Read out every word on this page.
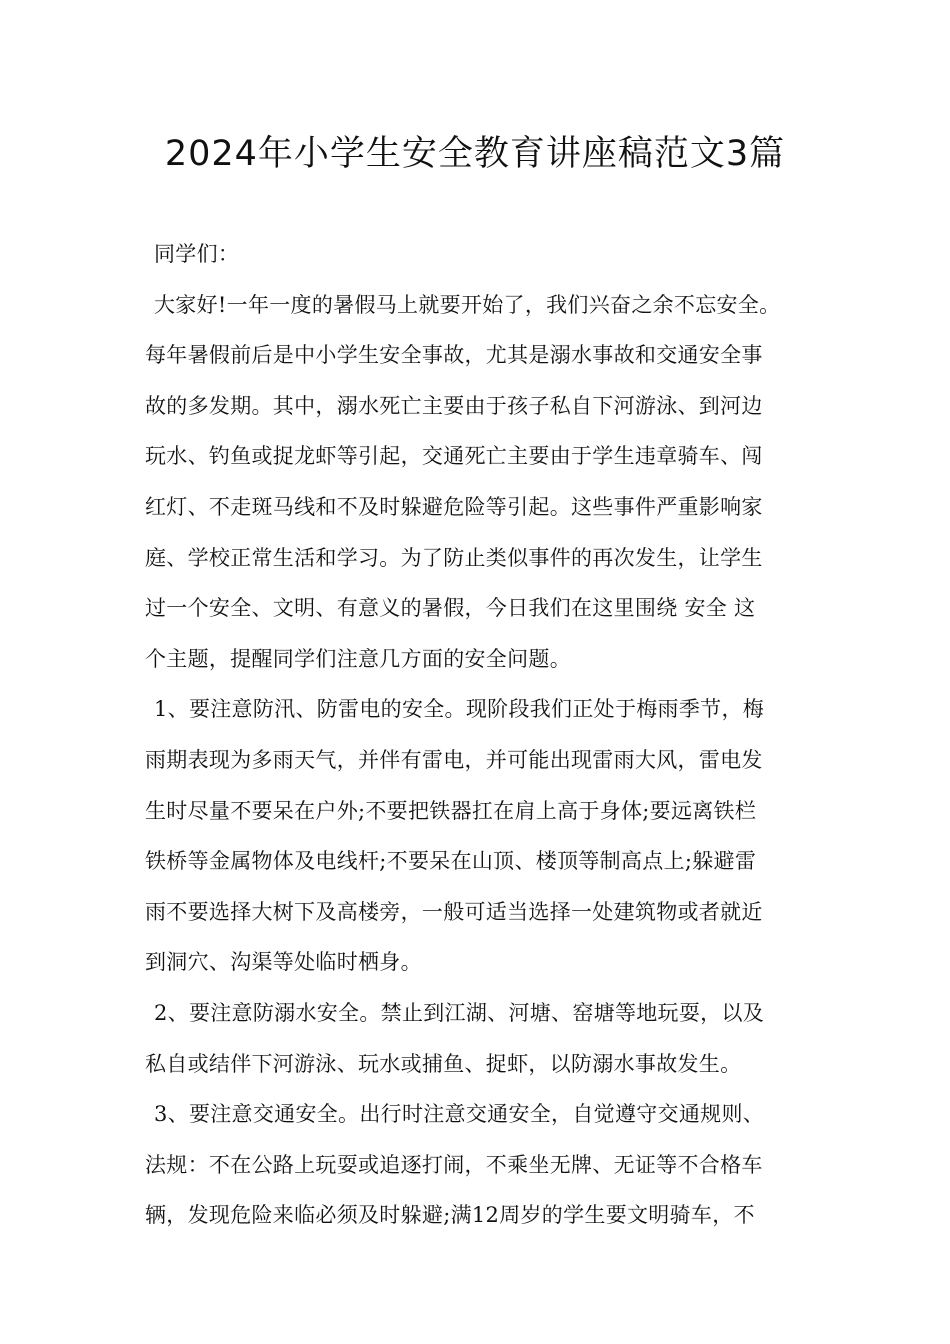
2024年小学生安全教育讲座稿范文3篇
同学们：
大家好!一年一度的暑假马上就要开始了，我们兴奋之余不忘安全。
每年暑假前后是中小学生安全事故，尤其是溺水事故和交通安全事
故的多发期。其中，溺水死亡主要由于孩子私自下河游泳、到河边
玩水、钓鱼或捉龙虾等引起，交通死亡主要由于学生违章骑车、闯
红灯、不走斑马线和不及时躲避危险等引起。这些事件严重影响家
庭、学校正常生活和学习。为了防止类似事件的再次发生，让学生
过一个安全、文明、有意义的暑假，今日我们在这里围绕 安全 这
个主题，提醒同学们注意几方面的安全问题。
1、要注意防汛、防雷电的安全。现阶段我们正处于梅雨季节，梅
雨期表现为多雨天气，并伴有雷电，并可能出现雷雨大风，雷电发
生时尽量不要呆在户外;不要把铁器扛在肩上高于身体;要远离铁栏
铁桥等金属物体及电线杆;不要呆在山顶、楼顶等制高点上;躲避雷
雨不要选择大树下及高楼旁，一般可适当选择一处建筑物或者就近
到洞穴、沟渠等处临时栖身。
2、要注意防溺水安全。禁止到江湖、河塘、窑塘等地玩耍，以及
私自或结伴下河游泳、玩水或捕鱼、捉虾，以防溺水事故发生。
3、要注意交通安全。出行时注意交通安全，自觉遵守交通规则、
法规：不在公路上玩耍或追逐打闹，不乘坐无牌、无证等不合格车
辆，发现危险来临必须及时躲避;满12周岁的学生要文明骑车，不
